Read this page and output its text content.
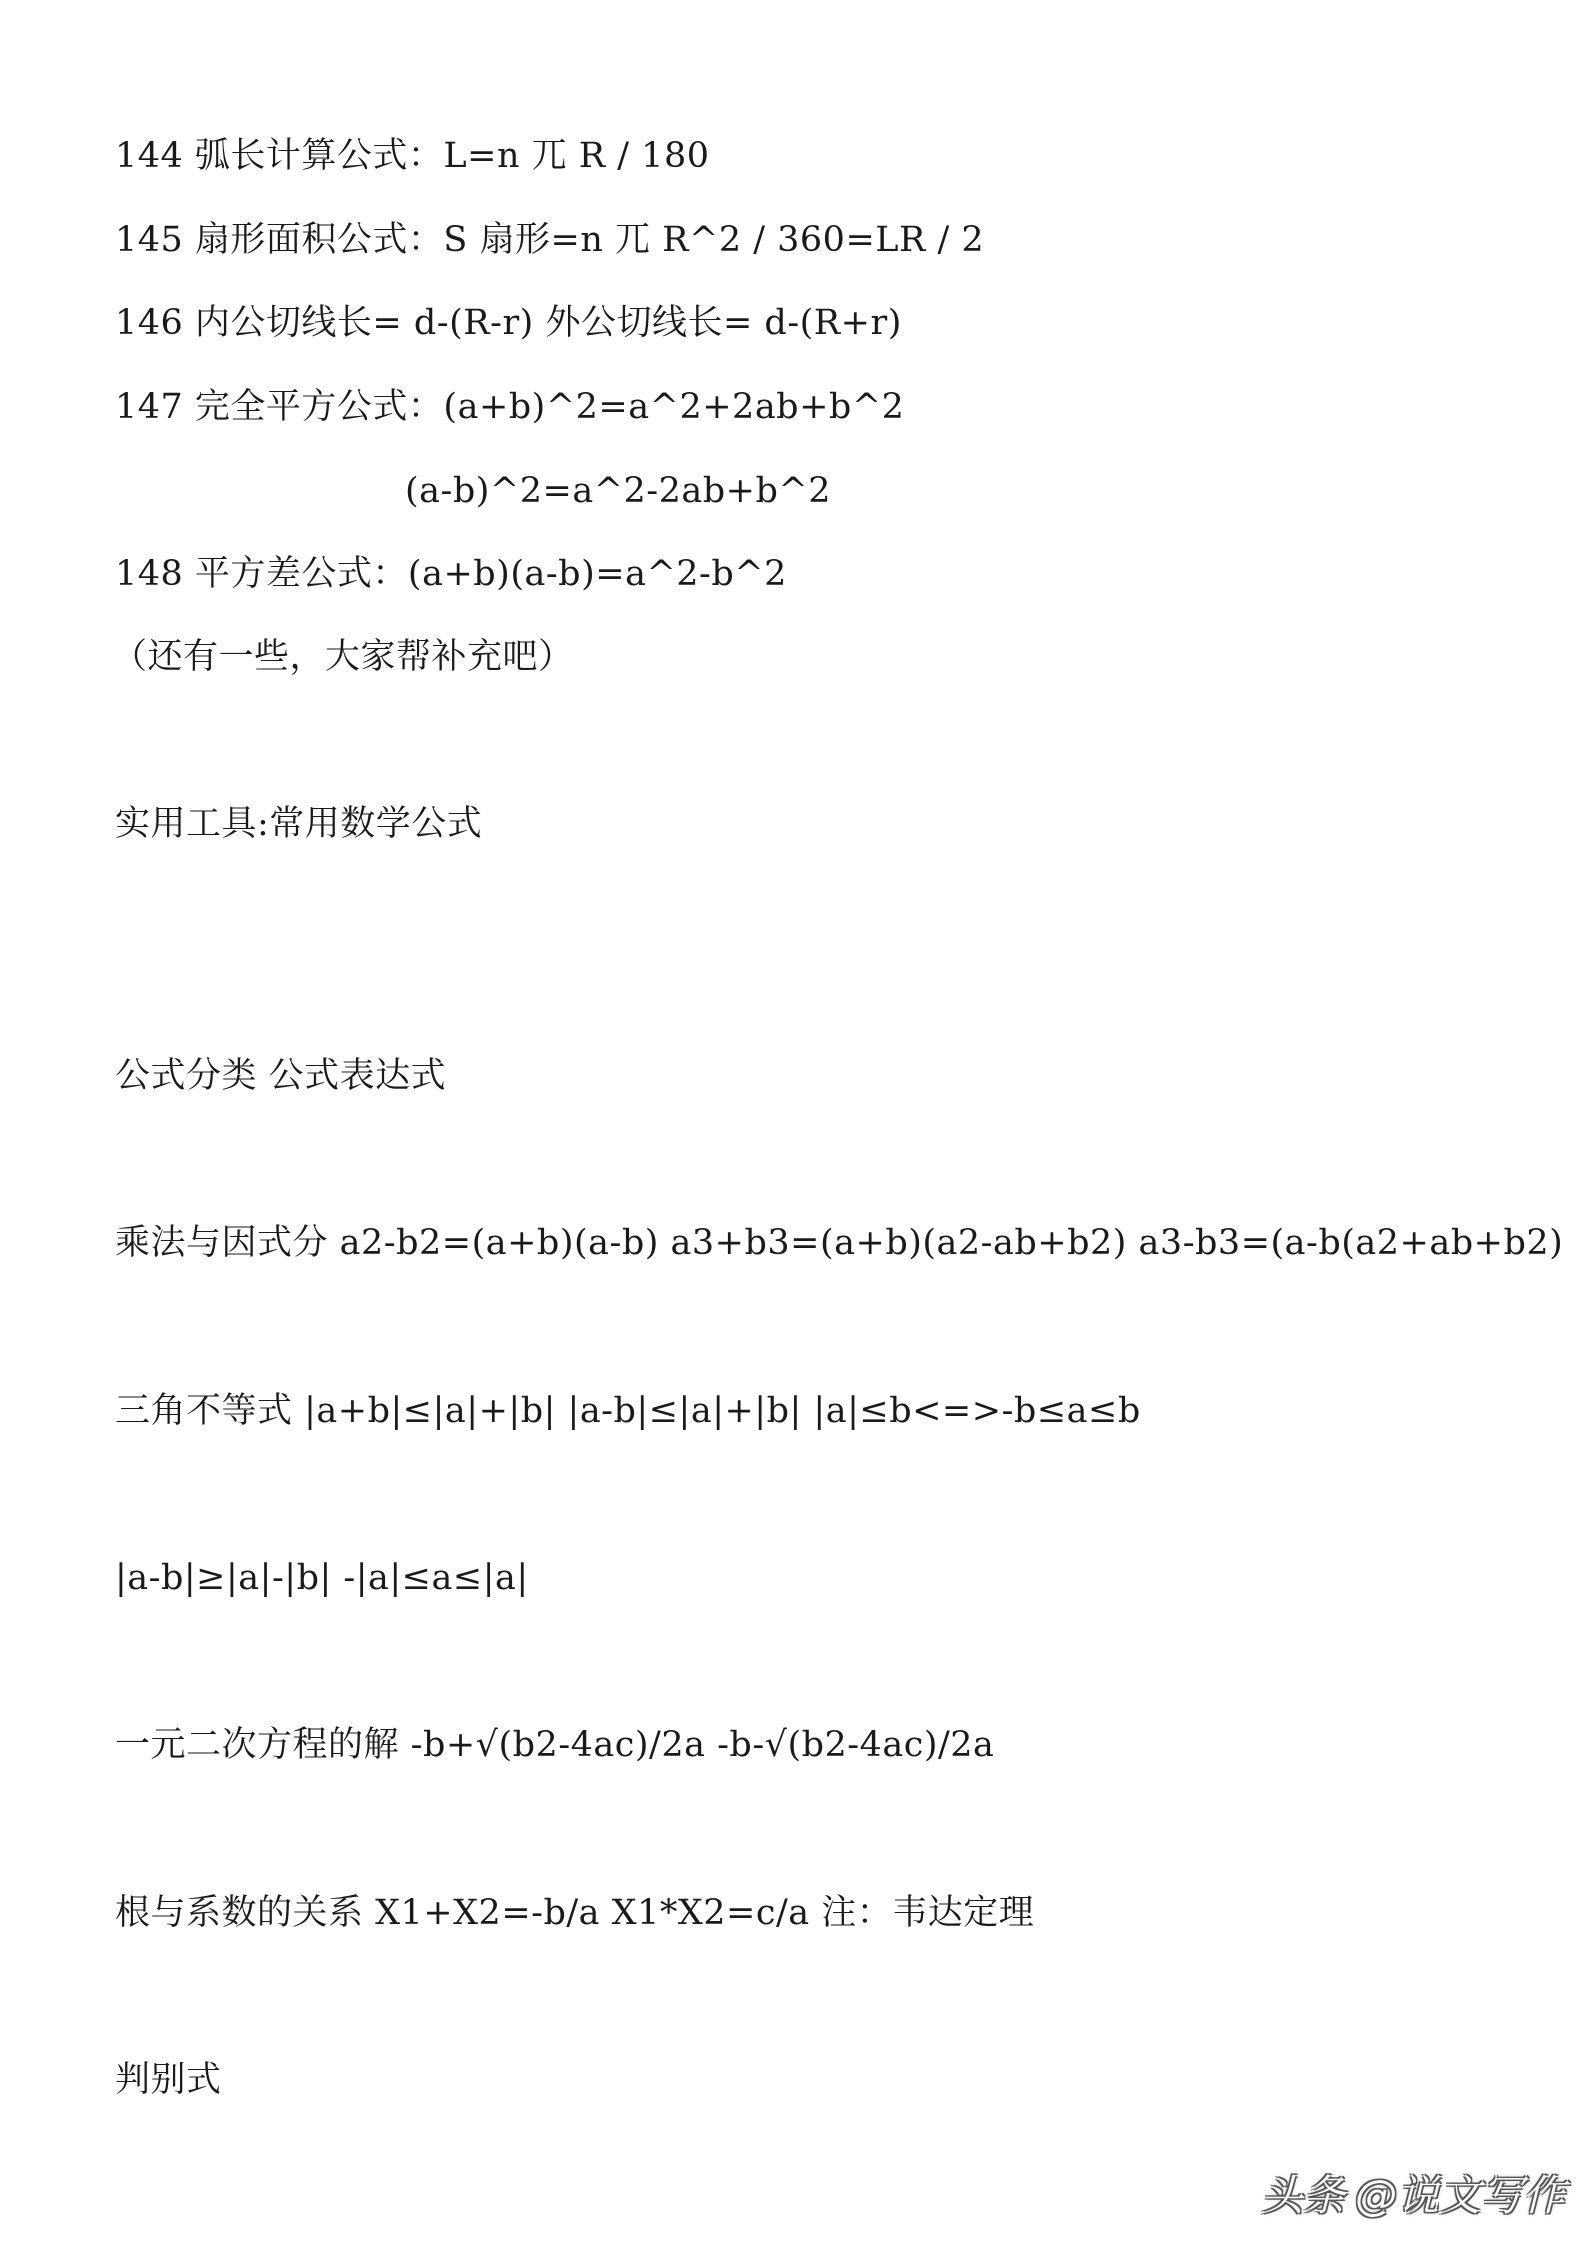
144 弧长计算公式：L=n 兀 R / 180
145 扇形面积公式：S 扇形=n 兀 R^2 / 360=LR / 2
146 内公切线长= d-(R-r) 外公切线长= d-(R+r)
147 完全平方公式：(a+b)^2=a^2+2ab+b^2
(a-b)^2=a^2-2ab+b^2
148 平方差公式：(a+b)(a-b)=a^2-b^2
（还有一些，大家帮补充吧）
实用工具:常用数学公式
公式分类 公式表达式
乘法与因式分 a2-b2=(a+b)(a-b) a3+b3=(a+b)(a2-ab+b2) a3-b3=(a-b(a2+ab+b2)
三角不等式 |a+b|≤|a|+|b| |a-b|≤|a|+|b| |a|≤b<=>-b≤a≤b
|a-b|≥|a|-|b| -|a|≤a≤|a|
一元二次方程的解 -b+√(b2-4ac)/2a -b-√(b2-4ac)/2a
根与系数的关系 X1+X2=-b/a X1*X2=c/a 注：韦达定理
判别式
头条 @说文写作
